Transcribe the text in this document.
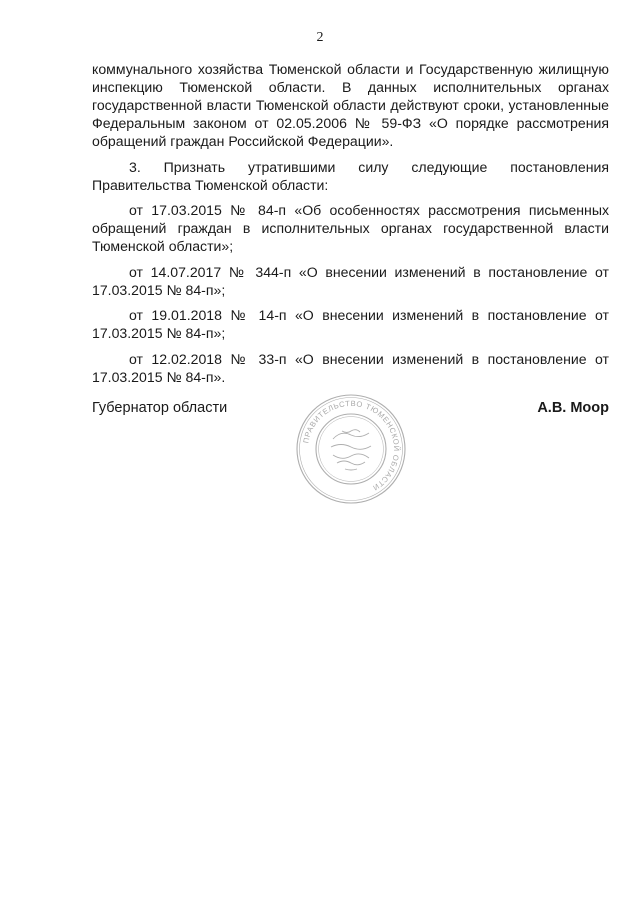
2

коммунального хозяйства Тюменской области и Государственную жилищную инспекцию Тюменской области. В данных исполнительных органах государственной власти Тюменской области действуют сроки, установленные Федеральным законом от 02.05.2006 № 59-ФЗ «О порядке рассмотрения обращений граждан Российской Федерации».

3. Признать утратившими силу следующие постановления Правительства Тюменской области:

от 17.03.2015 № 84-п «Об особенностях рассмотрения письменных обращений граждан в исполнительных органах государственной власти Тюменской области»;

от 14.07.2017 № 344-п «О внесении изменений в постановление от 17.03.2015 № 84-п»;

от 19.01.2018 № 14-п «О внесении изменений в постановление от 17.03.2015 № 84-п»;

от 12.02.2018 № 33-п «О внесении изменений в постановление от 17.03.2015 № 84-п».

Губернатор области	А.В. Моор
ПРАВИТЕЛЬСТВО ТЮМЕНСКОЙ ОБЛАСТИ
